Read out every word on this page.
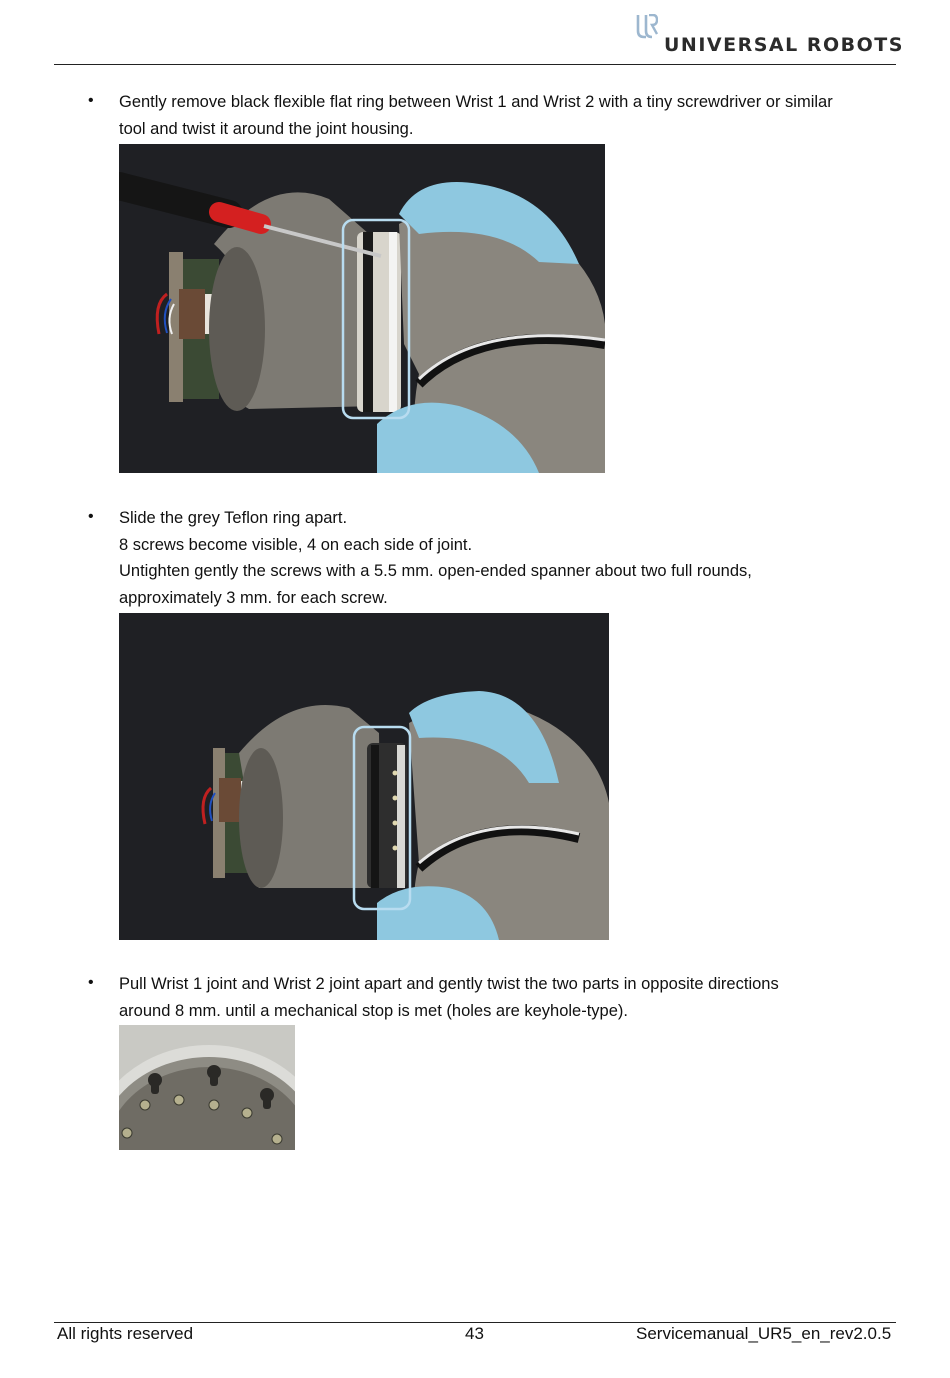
UNIVERSAL ROBOTS
• Gently remove black flexible flat ring between Wrist 1 and Wrist 2 with a tiny screwdriver or similar
tool and twist it around the joint housing.
• Slide the grey Teflon ring apart.
8 screws become visible, 4 on each side of joint.
Untighten gently the screws with a 5.5 mm. open-ended spanner about two full rounds,
approximately 3 mm. for each screw.
• Pull Wrist 1 joint and Wrist 2 joint apart and gently twist the two parts in opposite directions
around 8 mm. until a mechanical stop is met (holes are keyhole-type).
All rights reserved	43	Servicemanual_UR5_en_rev2.0.5
